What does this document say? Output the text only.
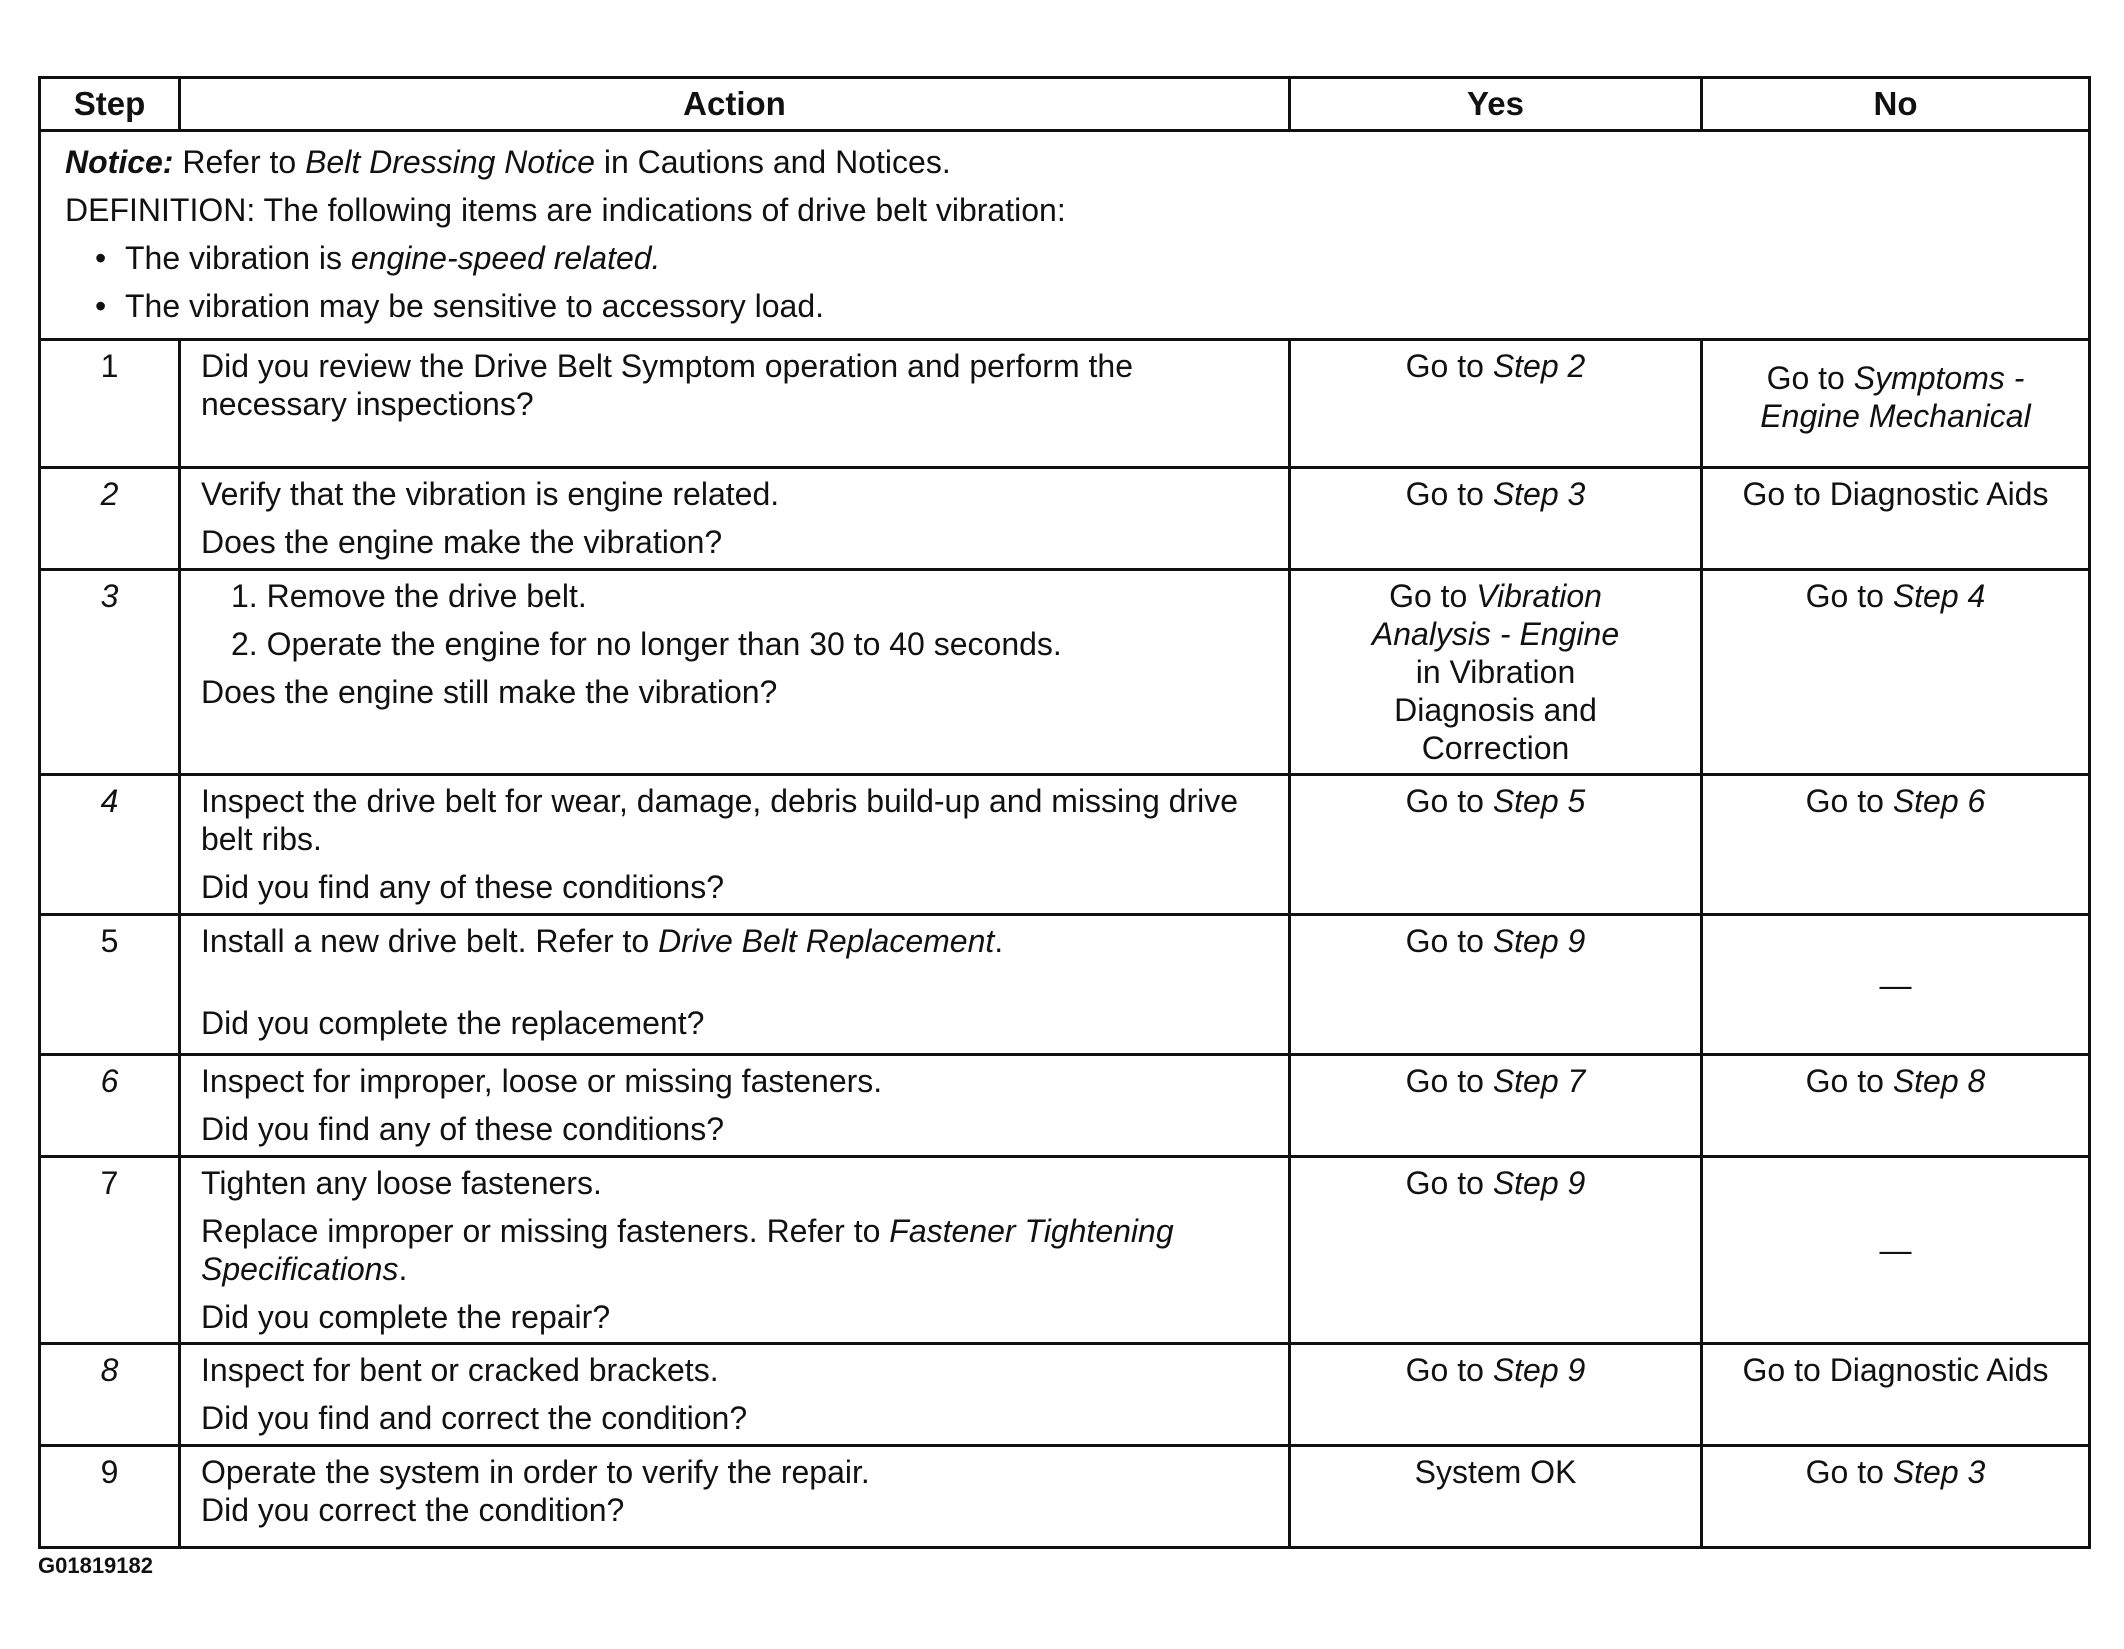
Step	Action	Yes	No

Notice: Refer to Belt Dressing Notice in Cautions and Notices.
DEFINITION: The following items are indications of drive belt vibration:
• The vibration is engine-speed related.
• The vibration may be sensitive to accessory load.

1	Did you review the Drive Belt Symptom operation and perform the necessary inspections?	Go to Step 2	Go to Symptoms -
Engine Mechanical

2	Verify that the vibration is engine related.
Does the engine make the vibration?	Go to Step 3	Go to Diagnostic Aids
3	1. Remove the drive belt.
2. Operate the engine for no longer than 30 to 40 seconds.
Does the engine still make the vibration?	Go to Vibration
Analysis - Engine
in Vibration
Diagnosis and
Correction	Go to Step 4
4	Inspect the drive belt for wear, damage, debris build-up and missing drive belt ribs.
Did you find any of these conditions?	Go to Step 5	Go to Step 6
5	Install a new drive belt. Refer to Drive Belt Replacement.
Did you complete the replacement?	Go to Step 9	—
6	Inspect for improper, loose or missing fasteners.
Did you find any of these conditions?	Go to Step 7	Go to Step 8
7	Tighten any loose fasteners.
Replace improper or missing fasteners. Refer to Fastener Tightening Specifications.
Did you complete the repair?	Go to Step 9	—
8	Inspect for bent or cracked brackets.
Did you find and correct the condition?	Go to Step 9	Go to Diagnostic Aids
9	Operate the system in order to verify the repair.
Did you correct the condition?	System OK	Go to Step 3
G01819182
